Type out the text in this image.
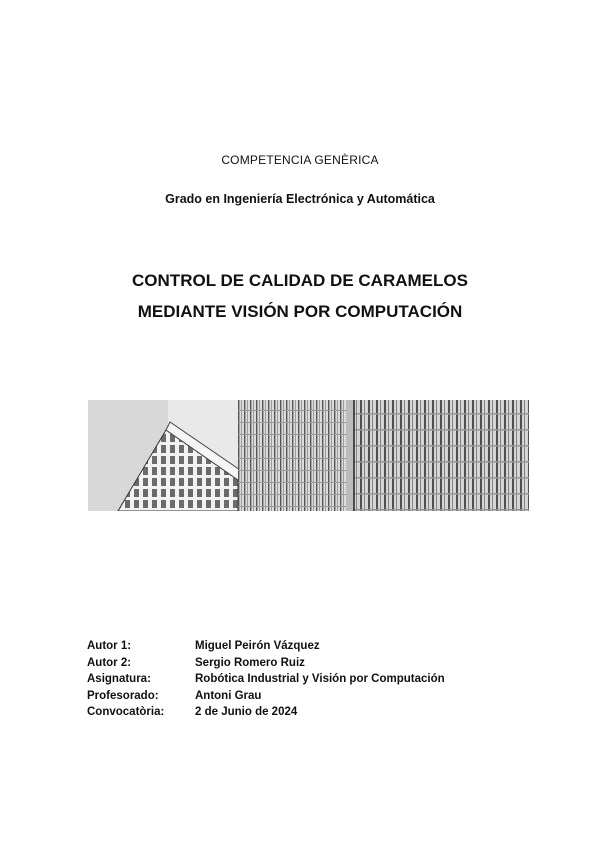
COMPETENCIA GENÈRICA
Grado en Ingeniería Electrónica y Automática
CONTROL DE CALIDAD DE CARAMELOS
MEDIANTE VISIÓN POR COMPUTACIÓN
Autor 1:	Miguel Peirón Vázquez
Autor 2:	Sergio Romero Ruiz
Asignatura:	Robótica Industrial y Visión por Computación
Profesorado:	Antoni Grau
Convocatòria:	2 de Junio de 2024
